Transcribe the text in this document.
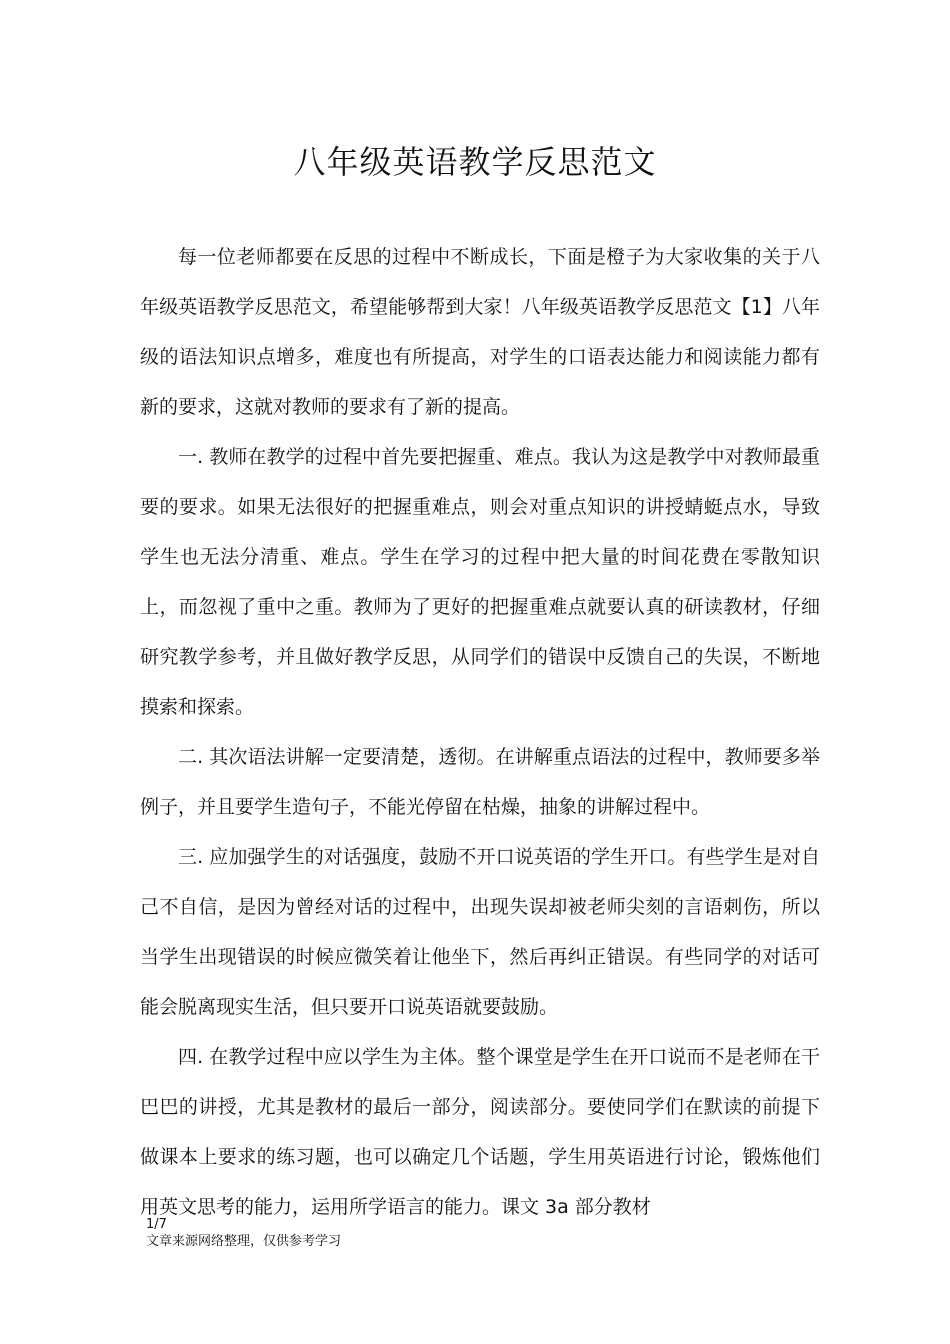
八年级英语教学反思范文

每一位老师都要在反思的过程中不断成长，下面是橙子为大家收集的关于八年级英语教学反思范文，希望能够帮到大家！八年级英语教学反思范文【1】八年级的语法知识点增多，难度也有所提高，对学生的口语表达能力和阅读能力都有新的要求，这就对教师的要求有了新的提高。

一. 教师在教学的过程中首先要把握重、难点。我认为这是教学中对教师最重要的要求。如果无法很好的把握重难点，则会对重点知识的讲授蜻蜓点水，导致学生也无法分清重、难点。学生在学习的过程中把大量的时间花费在零散知识上，而忽视了重中之重。教师为了更好的把握重难点就要认真的研读教材，仔细研究教学参考，并且做好教学反思，从同学们的错误中反馈自己的失误，不断地摸索和探索。

二. 其次语法讲解一定要清楚，透彻。在讲解重点语法的过程中，教师要多举例子，并且要学生造句子，不能光停留在枯燥，抽象的讲解过程中。

三. 应加强学生的对话强度，鼓励不开口说英语的学生开口。有些学生是对自己不自信，是因为曾经对话的过程中，出现失误却被老师尖刻的言语刺伤，所以当学生出现错误的时候应微笑着让他坐下，然后再纠正错误。有些同学的对话可能会脱离现实生活，但只要开口说英语就要鼓励。

四. 在教学过程中应以学生为主体。整个课堂是学生在开口说而不是老师在干巴巴的讲授，尤其是教材的最后一部分，阅读部分。要使同学们在默读的前提下做课本上要求的练习题，也可以确定几个话题，学生用英语进行讨论，锻炼他们用英文思考的能力，运用所学语言的能力。课文 3a 部分教材

1/7
文章来源网络整理，仅供参考学习
